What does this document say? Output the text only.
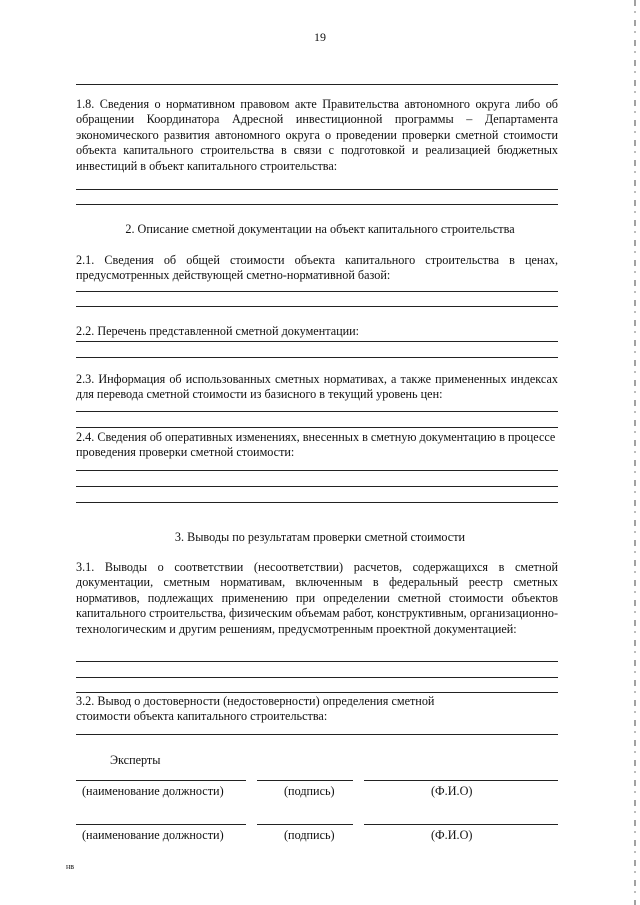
19
1.8. Сведения о нормативном правовом акте Правительства автономного округа либо об обращении Координатора Адресной инвестиционной программы – Департамента экономического развития автономного округа о проведении проверки сметной стоимости объекта капитального строительства в связи с подготовкой и реализацией бюджетных инвестиций в объект капитального строительства:
2. Описание сметной документации на объект капитального строительства
2.1. Сведения об общей стоимости объекта капитального строительства в ценах, предусмотренных действующей сметно-нормативной базой:
2.2. Перечень представленной сметной документации:
2.3. Информация об использованных сметных нормативах, а также примененных индексах для перевода сметной стоимости из базисного в текущий уровень цен:
2.4. Сведения об оперативных изменениях, внесенных в сметную документацию в процессе проведения проверки сметной стоимости:
3. Выводы по результатам проверки сметной стоимости
3.1. Выводы о соответствии (несоответствии) расчетов, содержащихся в сметной документации, сметным нормативам, включенным в федеральный реестр сметных нормативов, подлежащих применению при определении сметной стоимости объектов капитального строительства, физическим объемам работ, конструктивным, организационно-технологическим и другим решениям, предусмотренным проектной документацией:
3.2. Вывод о достоверности (недостоверности) определения сметной стоимости объекта капитального строительства:
Эксперты
(наименование должности)	(подпись)	(Ф.И.О)
(наименование должности)	(подпись)	(Ф.И.О)
нв
